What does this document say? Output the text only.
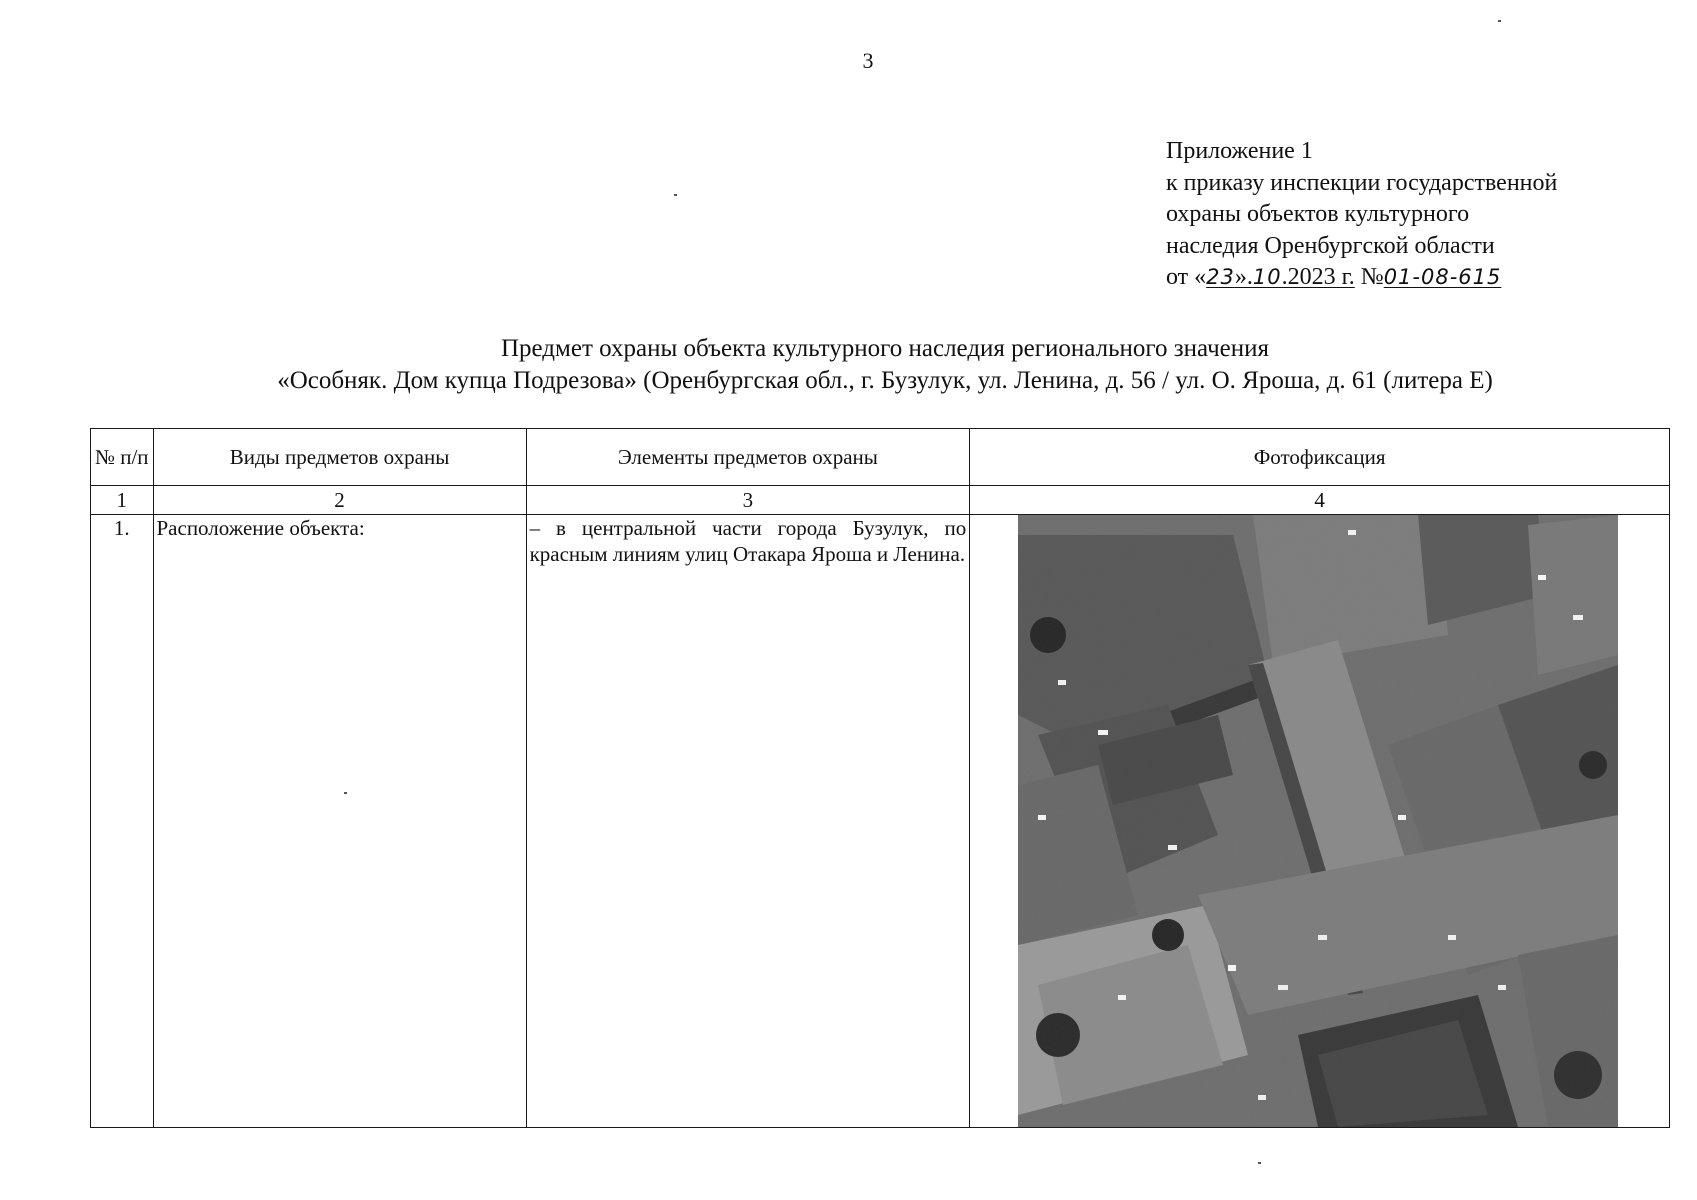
3
Приложение 1
к приказу инспекции государственной
охраны объектов культурного
наследия Оренбургской области
от «23».10.2023 г. №01-08-615
Предмет охраны объекта культурного наследия регионального значения
«Особняк. Дом купца Подрезова» (Оренбургская обл., г. Бузулук, ул. Ленина, д. 56 / ул. О. Яроша, д. 61 (литера Е)
№ п/п	Виды предметов охраны	Элементы предметов охраны	Фотофиксация
1	2	3	4
1.	Расположение объекта:	– в центральной части города Бузулук, по красным линиям улиц Отакара Яроша и Ленина.	
